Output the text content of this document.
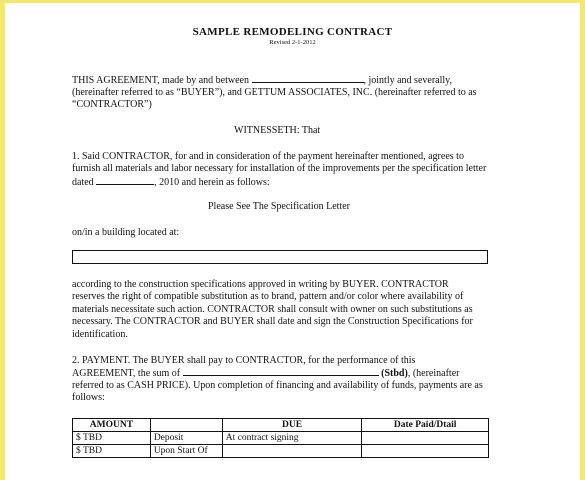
SAMPLE REMODELING CONTRACT
Revised 2-1-2012
THIS AGREEMENT, made by and between	, jointly and severally,
(hereinafter referred to as “BUYER”), and GETTUM ASSOCIATES, INC. (hereinafter referred to as
“CONTRACTOR”)
WITNESSETH: That
1. Said CONTRACTOR, for and in consideration of the payment hereinafter mentioned, agrees to
furnish all materials and labor necessary for installation of the improvements per the specification letter
dated	, 2010 and herein as follows:
Please See The Specification Letter
on/in a building located at:
according to the construction specifications approved in writing by BUYER. CONTRACTOR
reserves the right of compatible substitution as to brand, pattern and/or color where availability of
materials necessitate such action. CONTRACTOR shall consult with owner on such substitutions as
necessary. The CONTRACTOR and BUYER shall date and sign the Construction Specifications for
identification.
2. PAYMENT. The BUYER shall pay to CONTRACTOR, for the performance of this
AGREEMENT, the sum of	(Stbd), (hereinafter
referred to as CASH PRICE). Upon completion of financing and availability of funds, payments are as
follows:
AMOUNT		DUE	Date Paid/Dtail
$ TBD	Deposit	At contract signing	
$ TBD	Upon Start Of		
